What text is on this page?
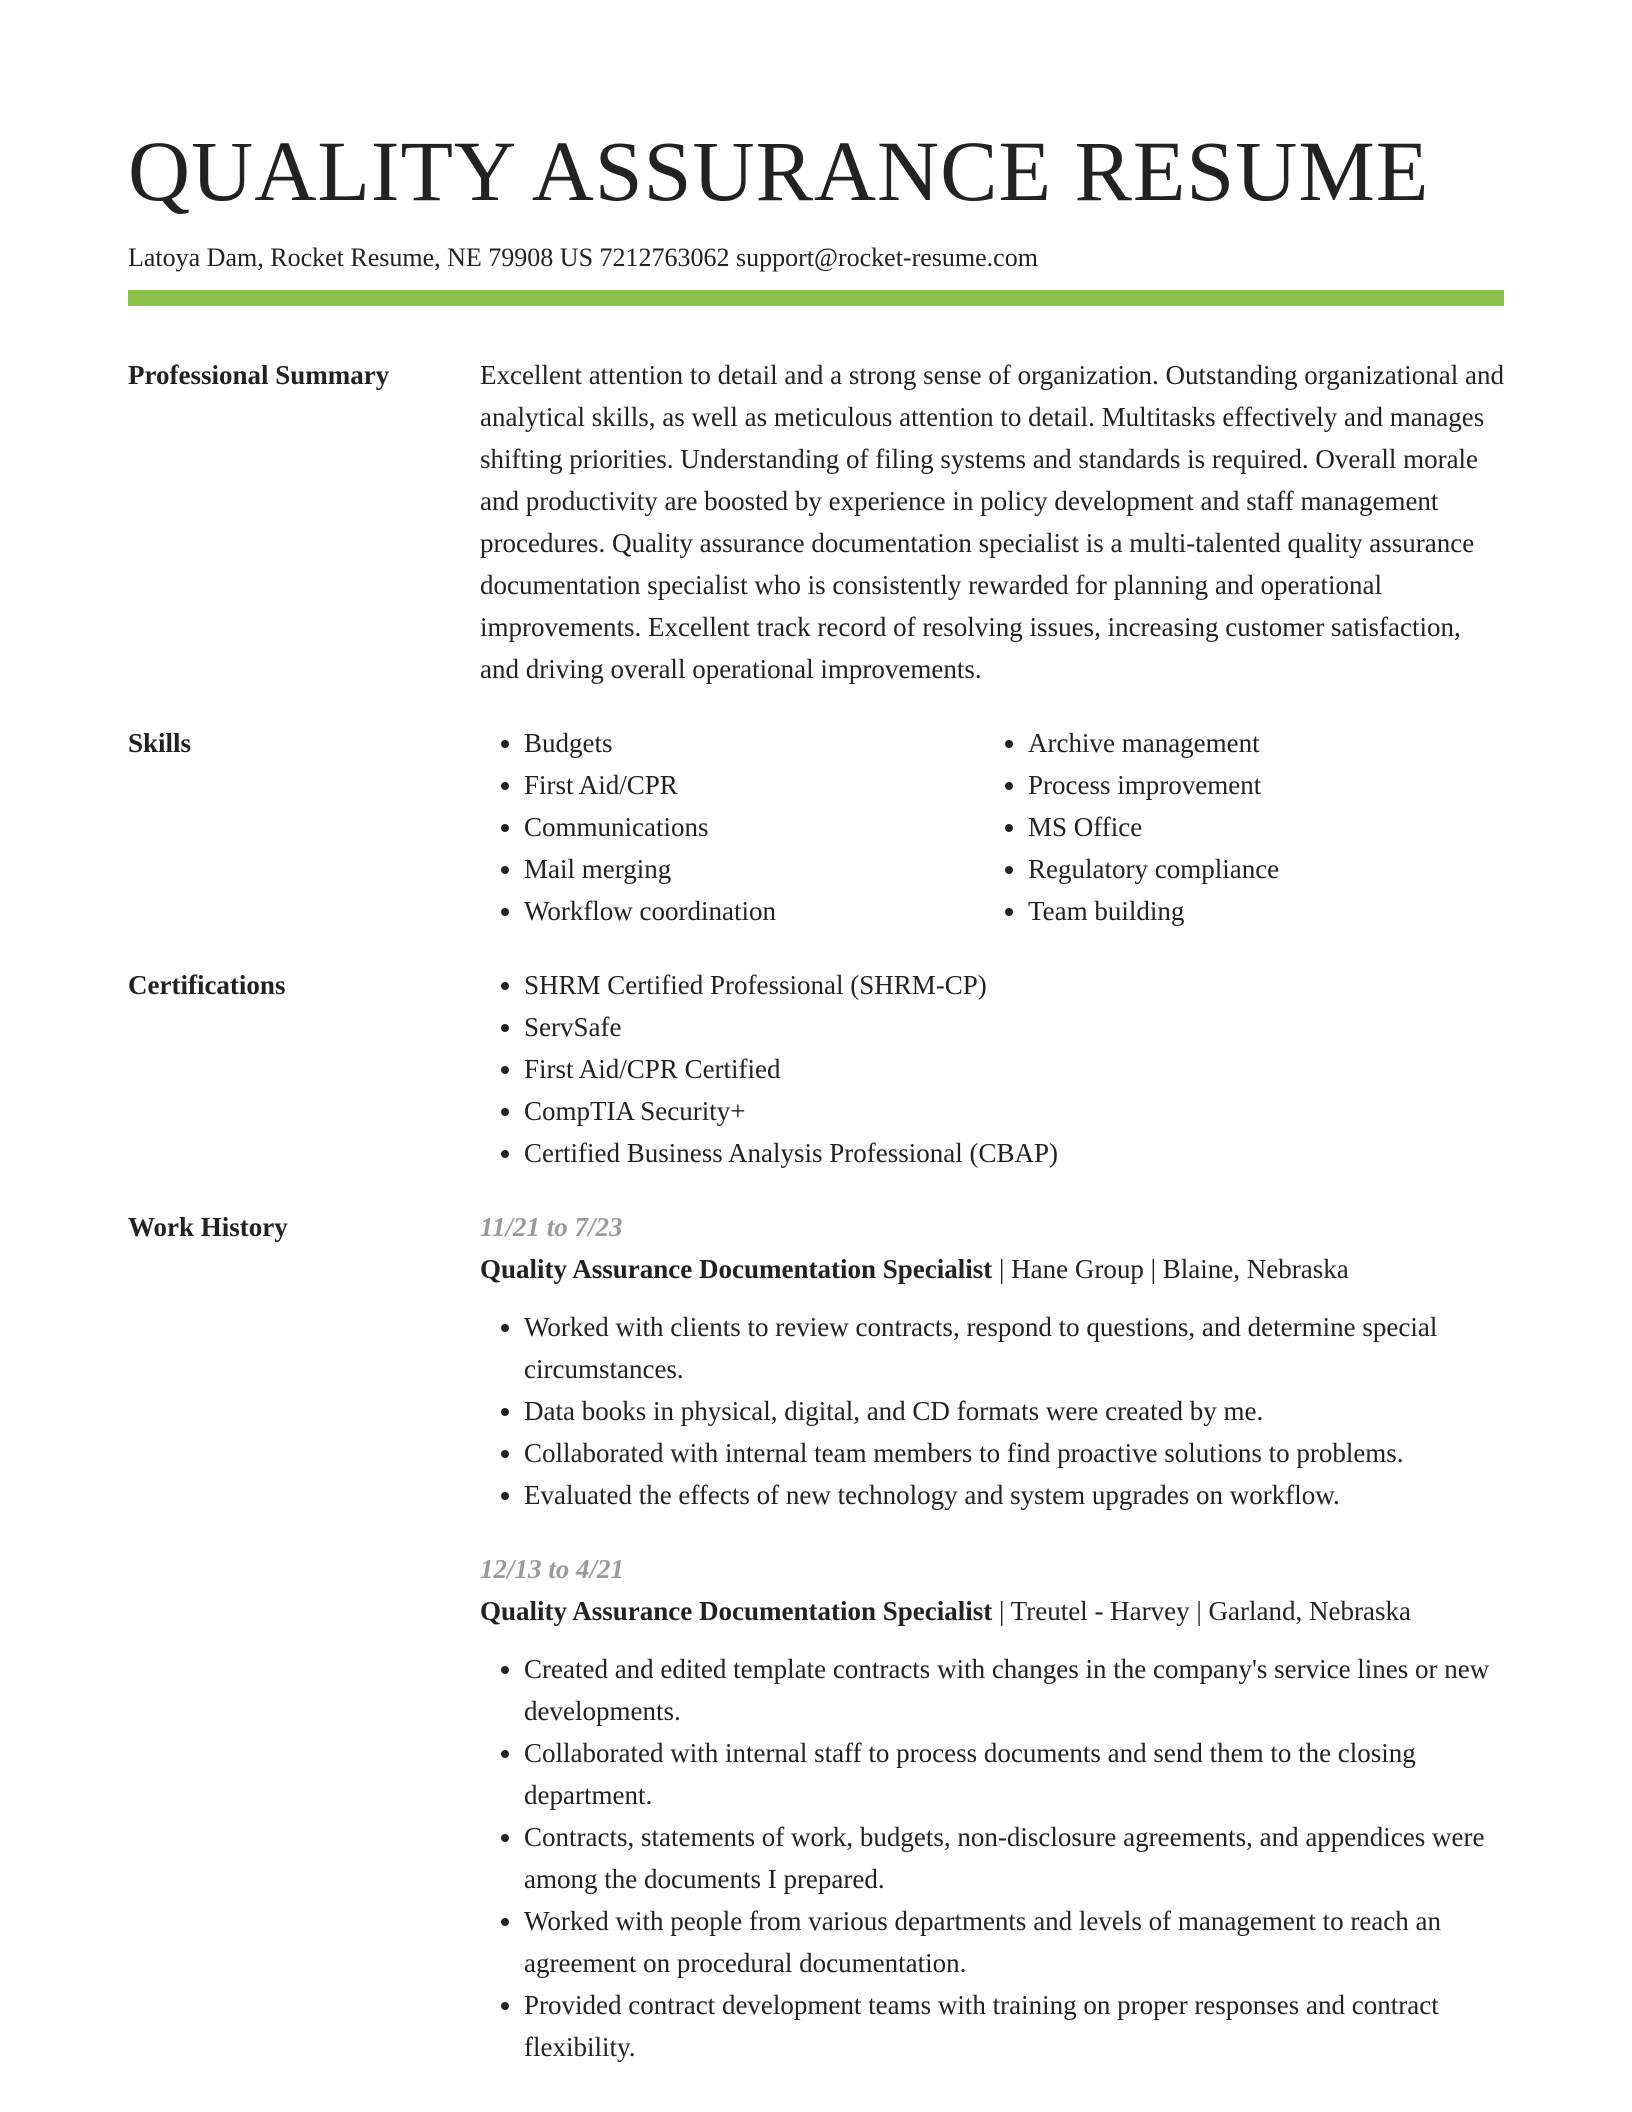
QUALITY ASSURANCE RESUME
Latoya Dam, Rocket Resume, NE 79908 US 7212763062 support@rocket-resume.com
Professional Summary	Excellent attention to detail and a strong sense of organization. Outstanding organizational and analytical skills, as well as meticulous attention to detail. Multitasks effectively and manages shifting priorities. Understanding of filing systems and standards is required. Overall morale and productivity are boosted by experience in policy development and staff management procedures. Quality assurance documentation specialist is a multi-talented quality assurance documentation specialist who is consistently rewarded for planning and operational improvements. Excellent track record of resolving issues, increasing customer satisfaction, and driving overall operational improvements.
Skills	• Budgets
• First Aid/CPR
• Communications
• Mail merging
• Workflow coordination
• Archive management
• Process improvement
• MS Office
• Regulatory compliance
• Team building
Certifications	• SHRM Certified Professional (SHRM-CP)
• ServSafe
• First Aid/CPR Certified
• CompTIA Security+
• Certified Business Analysis Professional (CBAP)
Work History	11/21 to 7/23
Quality Assurance Documentation Specialist | Hane Group | Blaine, Nebraska
• Worked with clients to review contracts, respond to questions, and determine special circumstances.
• Data books in physical, digital, and CD formats were created by me.
• Collaborated with internal team members to find proactive solutions to problems.
• Evaluated the effects of new technology and system upgrades on workflow.
12/13 to 4/21
Quality Assurance Documentation Specialist | Treutel - Harvey | Garland, Nebraska
• Created and edited template contracts with changes in the company's service lines or new developments.
• Collaborated with internal staff to process documents and send them to the closing department.
• Contracts, statements of work, budgets, non-disclosure agreements, and appendices were among the documents I prepared.
• Worked with people from various departments and levels of management to reach an agreement on procedural documentation.
• Provided contract development teams with training on proper responses and contract flexibility.
